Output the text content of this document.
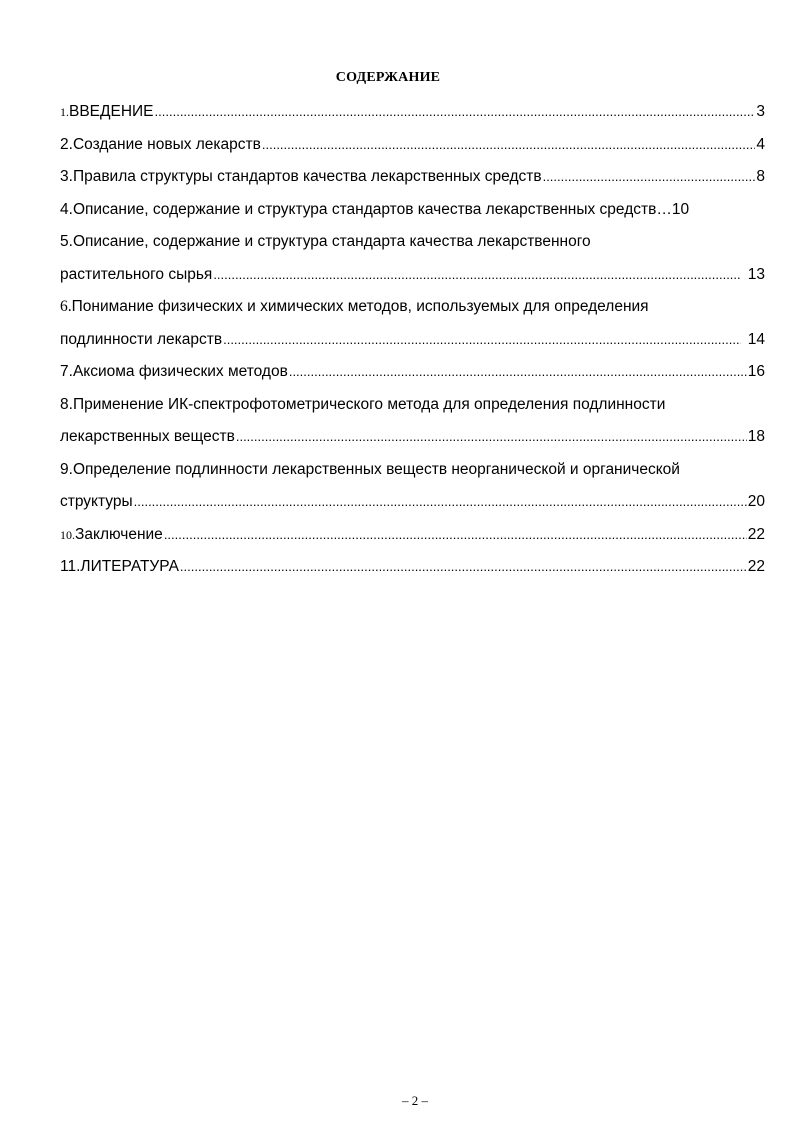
СОДЕРЖАНИЕ
1. ВВЕДЕНИЕ .....	3
2. Создание новых лекарств .....	4
3. Правила структуры стандартов качества лекарственных средств .....	8
4. Описание, содержание и структура стандартов качества лекарственных средств… 10
5. Описание, содержание и структура стандарта качества лекарственного
растительного сырья .....	13
6. Понимание физических и химических методов, используемых для определения
подлинности лекарств .....	14
7. Аксиома физических методов .....	16
8. Применение ИК-спектрофотометрического метода для определения подлинности
лекарственных веществ .....	18
9. Определение подлинности лекарственных веществ неорганической и органической
структуры .....	20
10. Заключение .....	22
11. ЛИТЕРАТУРА .....	22
– 2 –
